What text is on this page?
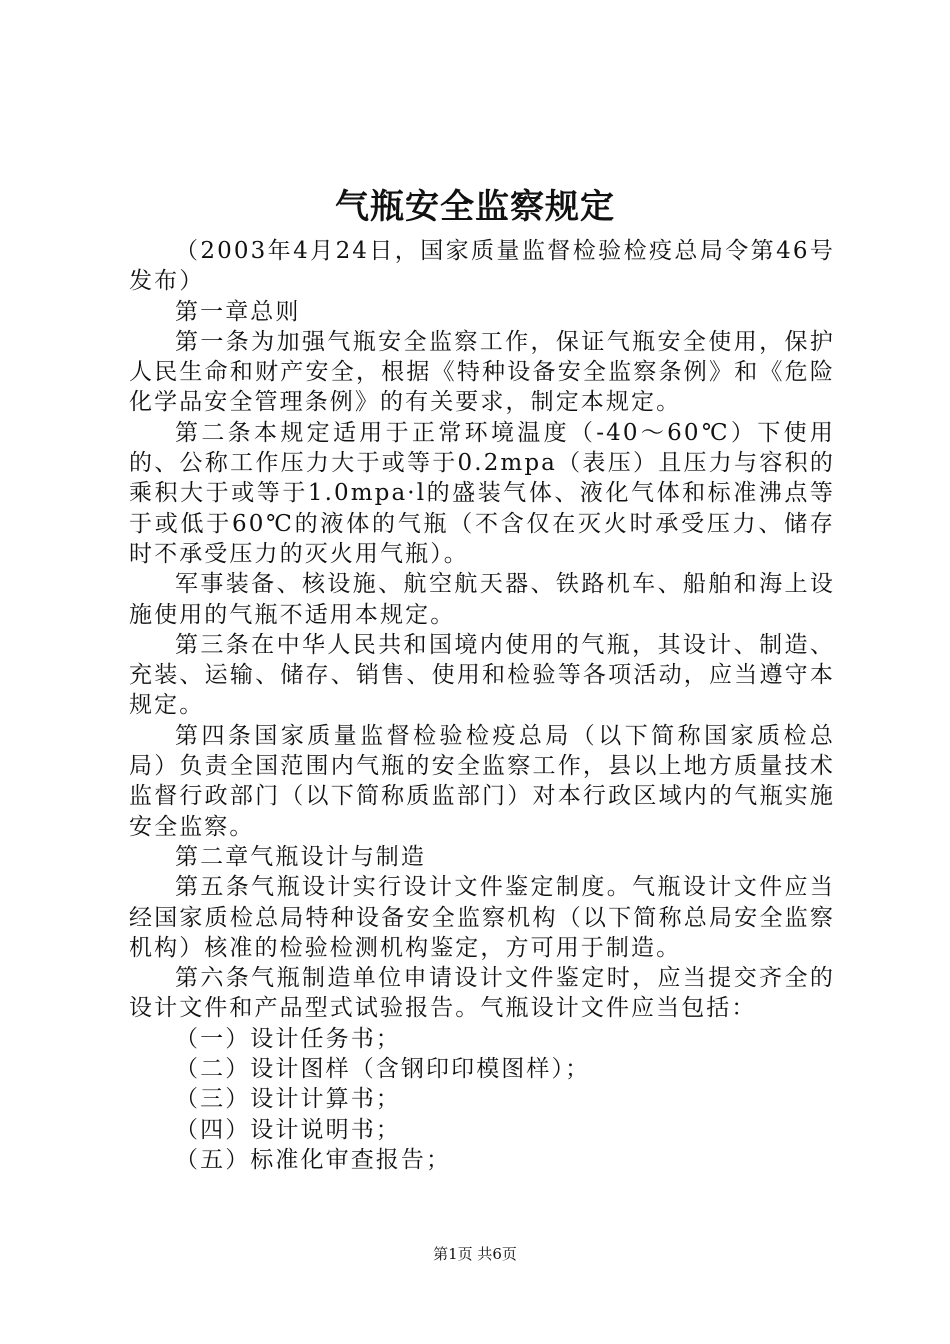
气瓶安全监察规定

（2003年4月24日，国家质量监督检验检疫总局令第46号发布）

第一章总则

第一条为加强气瓶安全监察工作，保证气瓶安全使用，保护人民生命和财产安全，根据《特种设备安全监察条例》和《危险化学品安全管理条例》的有关要求，制定本规定。

第二条本规定适用于正常环境温度（-40～60℃）下使用的、公称工作压力大于或等于0.2mpa（表压）且压力与容积的乘积大于或等于1.0mpa·l的盛装气体、液化气体和标准沸点等于或低于60℃的液体的气瓶（不含仅在灭火时承受压力、储存时不承受压力的灭火用气瓶）。

军事装备、核设施、航空航天器、铁路机车、船舶和海上设施使用的气瓶不适用本规定。

第三条在中华人民共和国境内使用的气瓶，其设计、制造、充装、运输、储存、销售、使用和检验等各项活动，应当遵守本规定。

第四条国家质量监督检验检疫总局（以下简称国家质检总局）负责全国范围内气瓶的安全监察工作，县以上地方质量技术监督行政部门（以下简称质监部门）对本行政区域内的气瓶实施安全监察。

第二章气瓶设计与制造

第五条气瓶设计实行设计文件鉴定制度。气瓶设计文件应当经国家质检总局特种设备安全监察机构（以下简称总局安全监察机构）核准的检验检测机构鉴定，方可用于制造。

第六条气瓶制造单位申请设计文件鉴定时，应当提交齐全的设计文件和产品型式试验报告。气瓶设计文件应当包括：

（一）设计任务书；

（二）设计图样（含钢印印模图样）；

（三）设计计算书；

（四）设计说明书；

（五）标准化审查报告；

第1页 共6页
